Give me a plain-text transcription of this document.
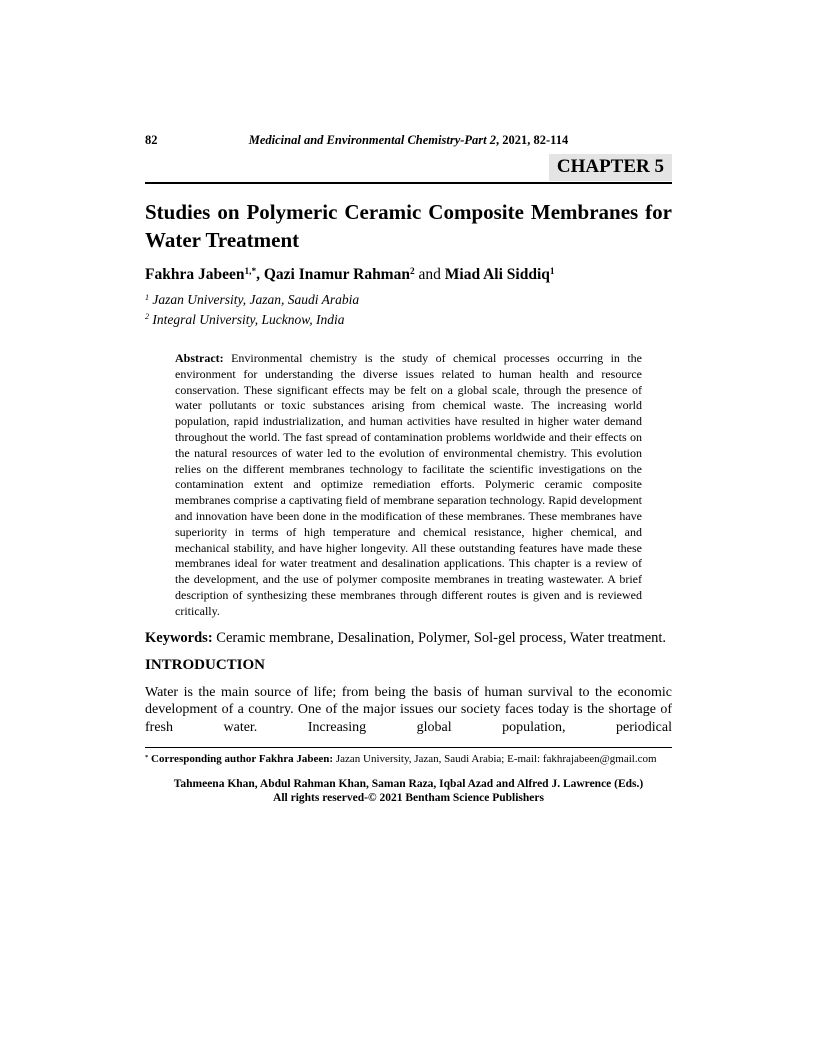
82	Medicinal and Environmental Chemistry-Part 2, 2021, 82-114
CHAPTER 5
Studies on Polymeric Ceramic Composite Membranes for Water Treatment
Fakhra Jabeen$^{1,*}$, Qazi Inamur Rahman$^2$ and Miad Ali Siddiq$^1$
$^1$ Jazan University, Jazan, Saudi Arabia
$^2$ Integral University, Lucknow, India
Abstract: Environmental chemistry is the study of chemical processes occurring in the environment for understanding the diverse issues related to human health and resource conservation. These significant effects may be felt on a global scale, through the presence of water pollutants or toxic substances arising from chemical waste. The increasing world population, rapid industrialization, and human activities have resulted in higher water demand throughout the world. The fast spread of contamination problems worldwide and their effects on the natural resources of water led to the evolution of environmental chemistry. This evolution relies on the different membranes technology to facilitate the scientific investigations on the contamination extent and optimize remediation efforts. Polymeric ceramic composite membranes comprise a captivating field of membrane separation technology. Rapid development and innovation have been done in the modification of these membranes. These membranes have superiority in terms of high temperature and chemical resistance, higher chemical, and mechanical stability, and have higher longevity. All these outstanding features have made these membranes ideal for water treatment and desalination applications. This chapter is a review of the development, and the use of polymer composite membranes in treating wastewater. A brief description of synthesizing these membranes through different routes is given and is reviewed critically.
Keywords: Ceramic membrane, Desalination, Polymer, Sol-gel process, Water treatment.
INTRODUCTION

Water is the main source of life; from being the basis of human survival to the economic development of a country. One of the major issues our society faces today is the shortage of fresh water. Increasing global population, periodical

* Corresponding author Fakhra Jabeen: Jazan University, Jazan, Saudi Arabia; E-mail: fakhrajabeen@gmail.com
Tahmeena Khan, Abdul Rahman Khan, Saman Raza, Iqbal Azad and Alfred J. Lawrence (Eds.)
All rights reserved-© 2021 Bentham Science Publishers
